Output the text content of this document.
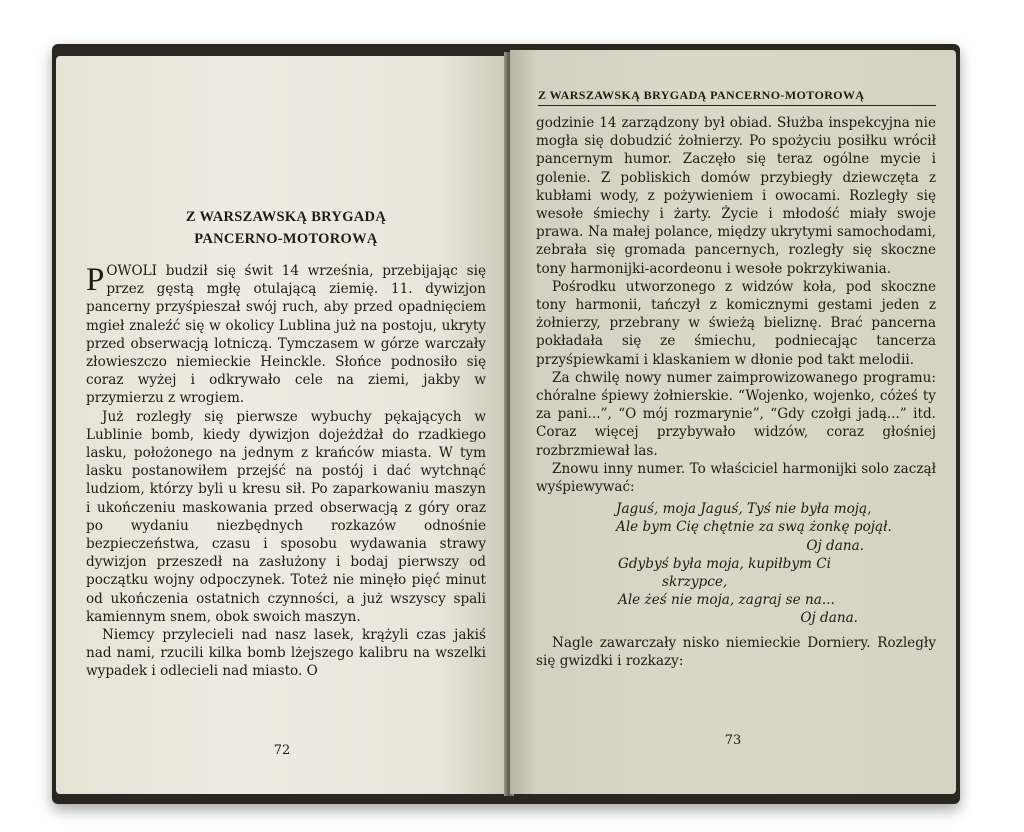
Z WARSZAWSKĄ BRYGADĄ
PANCERNO-MOTOROWĄ

POWOLI budził się świt 14 września, przebijając się przez gęstą mgłę otulającą ziemię. 11. dywizjon pancerny przyśpieszał swój ruch, aby przed opadnięciem mgieł znaleźć się w okolicy Lublina już na postoju, ukryty przed obserwacją lotniczą. Tymczasem w górze warczały złowieszczo niemieckie Heinckle. Słońce podnosiło się coraz wyżej i odkrywało cele na ziemi, jakby w przymierzu z wrogiem.

Już rozległy się pierwsze wybuchy pękających w Lublinie bomb, kiedy dywizjon dojeżdżał do rzadkiego lasku, położonego na jednym z krańców miasta. W tym lasku postanowiłem przejść na postój i dać wytchnąć ludziom, którzy byli u kresu sił. Po zaparkowaniu maszyn i ukończeniu maskowania przed obserwacją z góry oraz po wydaniu niezbędnych rozkazów odnośnie bezpieczeństwa, czasu i sposobu wydawania strawy dywizjon przeszedł na zasłużony i bodaj pierwszy od początku wojny odpoczynek. Toteż nie minęło pięć minut od ukończenia ostatnich czynności, a już wszyscy spali kamiennym snem, obok swoich maszyn.

Niemcy przylecieli nad nasz lasek, krążyli czas jakiś nad nami, rzucili kilka bomb lżejszego kalibru na wszelki wypadek i odlecieli nad miasto. O

72
Z WARSZAWSKĄ BRYGADĄ PANCERNO-MOTOROWĄ

godzinie 14 zarządzony był obiad. Służba inspekcyjna nie mogła się dobudzić żołnierzy. Po spożyciu posiłku wrócił pancernym humor. Zaczęło się teraz ogólne mycie i golenie. Z pobliskich domów przybiegły dziewczęta z kubłami wody, z pożywieniem i owocami. Rozległy się wesołe śmiechy i żarty. Życie i młodość miały swoje prawa. Na małej polance, między ukrytymi samochodami, zebrała się gromada pancernych, rozległy się skoczne tony harmonijki-acordeonu i wesołe pokrzykiwania.

Pośrodku utworzonego z widzów koła, pod skoczne tony harmonii, tańczył z komicznymi gestami jeden z żołnierzy, przebrany w świeżą bieliznę. Brać pancerna pokładała się ze śmiechu, podniecając tancerza przyśpiewkami i klaskaniem w dłonie pod takt melodii.

Za chwilę nowy numer zaimprowizowanego programu: chóralne śpiewy żołnierskie. “Wojenko, wojenko, cóżeś ty za pani...”, “O mój rozmarynie”, “Gdy czołgi jadą...” itd. Coraz więcej przybywało widzów, coraz głośniej rozbrzmiewał las.

Znowu inny numer. To właściciel harmonijki solo zaczął wyśpiewywać:

Jaguś, moja Jaguś, Tyś nie była moją,
Ale bym Cię chętnie za swą żonkę pojął.
Oj dana.
Gdybyś była moja, kupiłbym Ci
skrzypce,
Ale żeś nie moja, zagraj se na...
Oj dana.

Nagle zawarczały nisko niemieckie Dorniery. Rozległy się gwizdki i rozkazy:

73
